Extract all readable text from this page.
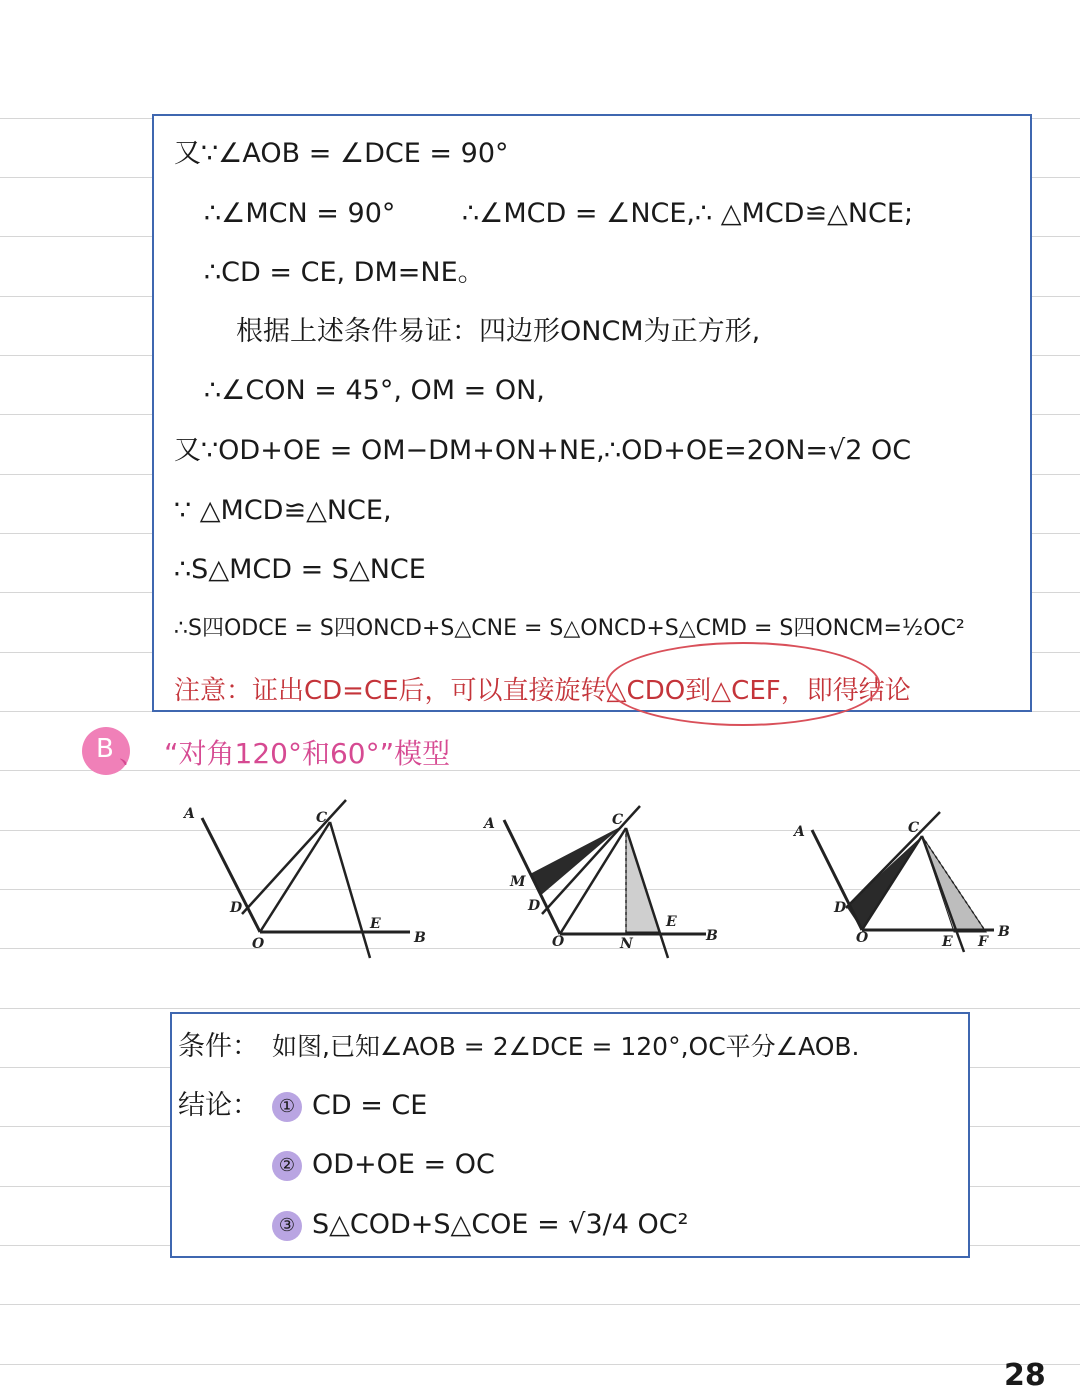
又∵∠AOB = ∠DCE = 90°
∴∠MCN = 90° ∴∠MCD = ∠NCE,∴ △MCD≌△NCE;
∴CD = CE, DM=NE。
根据上述条件易证：四边形ONCM为正方形,
∴∠CON = 45°, OM = ON,
又∵OD+OE = OM−DM+ON+NE, ∴OD+OE=2ON=√2 OC
∵ △MCD≌△NCE,
∴S△MCD = S△NCE
∴S四ODCE = S四ONCD+S△CNE = S△ONCD+S△CMD = S四ONCM=½OC²
注意：证出CD=CE后，可以直接旋转△CDO到△CEF，即得结论
B 、 “对角120°和60°”模型
A	C
D
O
E
B
A	C
M
D
O	N
E
B
A	C
D
O	E F
B
条件： 如图,已知∠AOB = 2∠DCE = 120°,OC平分∠AOB.
结论：	① CD = CE
② OD+OE = OC
③ S△COD+S△COE = √3/4 OC²
28
